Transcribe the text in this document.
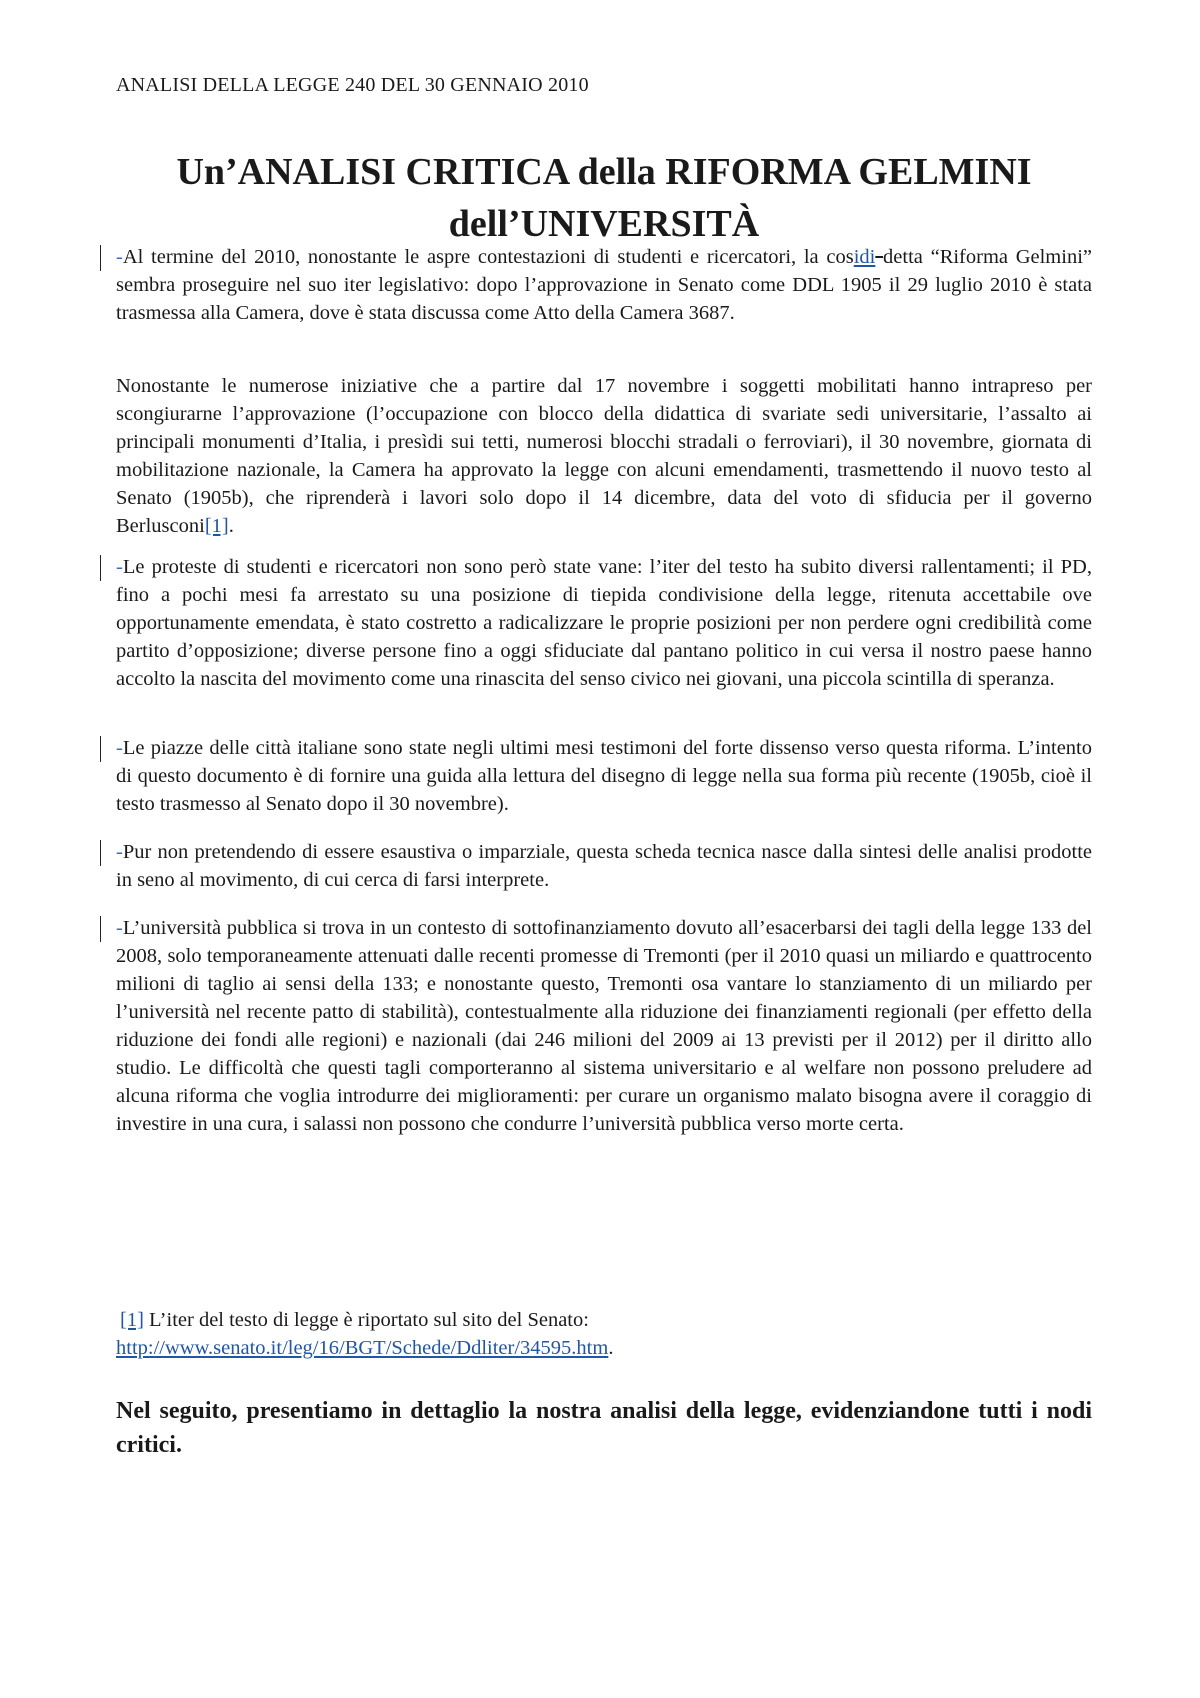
ANALISI DELLA LEGGE 240 DEL 30 GENNAIO 2010
Un’ANALISI CRITICA della RIFORMA GELMINI
dell’UNIVERSITÀ
-Al termine del 2010, nonostante le aspre contestazioni di studenti e ricercatori, la cosidi detta “Riforma Gelmini” sembra proseguire nel suo iter legislativo: dopo l’approvazione in Senato come DDL 1905 il 29 luglio 2010 è stata trasmessa alla Camera, dove è stata discussa come Atto della Camera 3687.
Nonostante le numerose iniziative che a partire dal 17 novembre i soggetti mobilitati hanno intrapreso per scongiurarne l’approvazione (l’occupazione con blocco della didattica di svariate sedi universitarie, l’assalto ai principali monumenti d’Italia, i presìdi sui tetti, numerosi blocchi stradali o ferroviari), il 30 novembre, giornata di mobilitazione nazionale, la Camera ha approvato la legge con alcuni emendamenti, trasmettendo il nuovo testo al Senato (1905b), che riprenderà i lavori solo dopo il 14 dicembre, data del voto di sfiducia per il governo Berlusconi[1].
-Le proteste di studenti e ricercatori non sono però state vane: l’iter del testo ha subito diversi rallentamenti; il PD, fino a pochi mesi fa arrestato su una posizione di tiepida condivisione della legge, ritenuta accettabile ove opportunamente emendata, è stato costretto a radicalizzare le proprie posizioni per non perdere ogni credibilità come partito d’opposizione; diverse persone fino a oggi sfiduciate dal pantano politico in cui versa il nostro paese hanno accolto la nascita del movimento come una rinascita del senso civico nei giovani, una piccola scintilla di speranza.
-Le piazze delle città italiane sono state negli ultimi mesi testimoni del forte dissenso verso questa riforma. L’intento di questo documento è di fornire una guida alla lettura del disegno di legge nella sua forma più recente (1905b, cioè il testo trasmesso al Senato dopo il 30 novembre).
-Pur non pretendendo di essere esaustiva o imparziale, questa scheda tecnica nasce dalla sintesi delle analisi prodotte in seno al movimento, di cui cerca di farsi interprete.
-L’università pubblica si trova in un contesto di sottofinanziamento dovuto all’esacerbarsi dei tagli della legge 133 del 2008, solo temporaneamente attenuati dalle recenti promesse di Tremonti (per il 2010 quasi un miliardo e quattrocento milioni di taglio ai sensi della 133; e nonostante questo, Tremonti osa vantare lo stanziamento di un miliardo per l’università nel recente patto di stabilità), contestualmente alla riduzione dei finanziamenti regionali (per effetto della riduzione dei fondi alle regioni) e nazionali (dai 246 milioni del 2009 ai 13 previsti per il 2012) per il diritto allo studio. Le difficoltà che questi tagli comporteranno al sistema universitario e al welfare non possono preludere ad alcuna riforma che voglia introdurre dei miglioramenti: per curare un organismo malato bisogna avere il coraggio di investire in una cura, i salassi non possono che condurre l’università pubblica verso morte certa.
[1] L’iter del testo di legge è riportato sul sito del Senato:
http://www.senato.it/leg/16/BGT/Schede/Ddliter/34595.htm.
Nel seguito, presentiamo in dettaglio la nostra analisi della legge, evidenziandone tutti i nodi critici.
